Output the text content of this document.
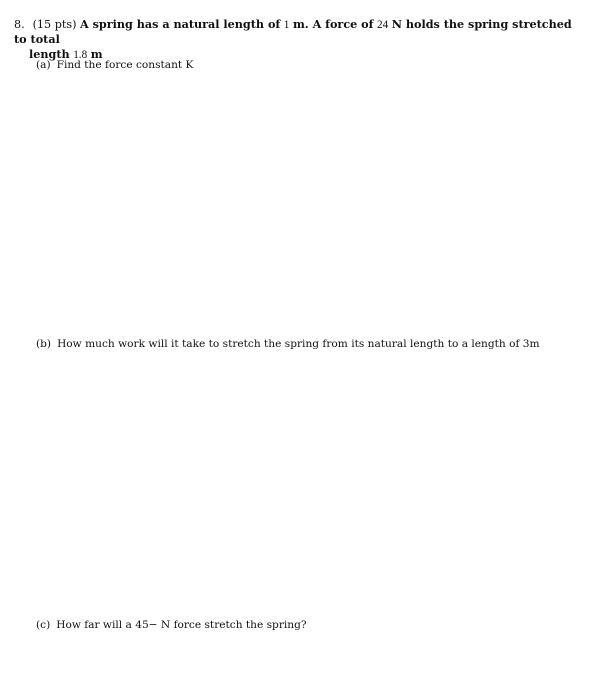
8. (15 pts) A spring has a natural length of 1 m. A force of 24 N holds the spring stretched to total
length 1.8 m
(a) Find the force constant K
(b) How much work will it take to stretch the spring from its natural length to a length of 3m
(c) How far will a 45− N force stretch the spring?
